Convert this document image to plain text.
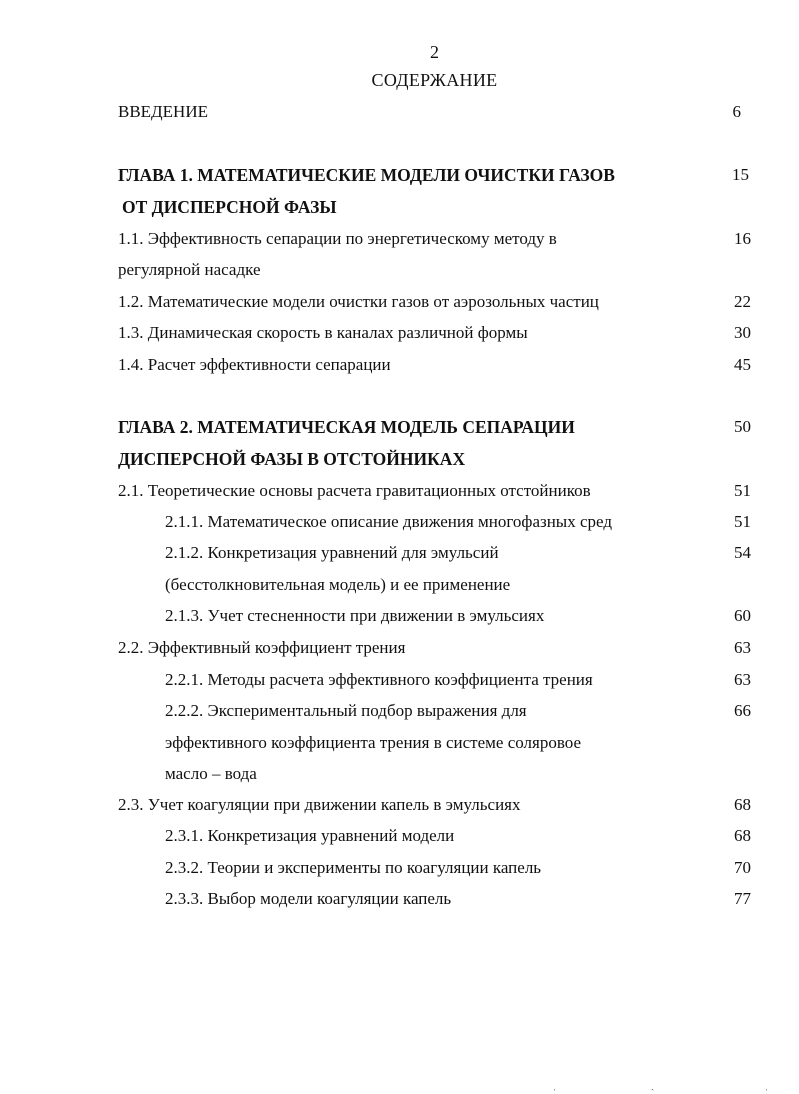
2
СОДЕРЖАНИЕ
ВВЕДЕНИЕ	6
ГЛАВА 1. МАТЕМАТИЧЕСКИЕ МОДЕЛИ ОЧИСТКИ ГАЗОВ	15
ОТ ДИСПЕРСНОЙ ФАЗЫ
1.1. Эффективность сепарации по энергетическому методу в	16
регулярной насадке
1.2. Математические модели очистки газов от аэрозольных частиц	22
1.3. Динамическая скорость в каналах различной формы	30
1.4. Расчет эффективности сепарации	45
ГЛАВА 2. МАТЕМАТИЧЕСКАЯ МОДЕЛЬ СЕПАРАЦИИ	50
ДИСПЕРСНОЙ ФАЗЫ В ОТСТОЙНИКАХ
2.1. Теоретические основы расчета гравитационных отстойников	51
2.1.1. Математическое описание движения многофазных сред	51
2.1.2. Конкретизация уравнений для эмульсий	54
(бесстолкновительная модель) и ее применение
2.1.3. Учет стесненности при движении в эмульсиях	60
2.2. Эффективный коэффициент трения	63
2.2.1. Методы расчета эффективного коэффициента трения	63
2.2.2. Экспериментальный подбор выражения для	66
эффективного коэффициента трения в системе соляровое
масло – вода
2.3. Учет коагуляции при движении капель в эмульсиях	68
2.3.1. Конкретизация уравнений модели	68
2.3.2. Теории и эксперименты по коагуляции капель	70
2.3.3. Выбор модели коагуляции капель	77
ˌ	ˎ	ˌ
